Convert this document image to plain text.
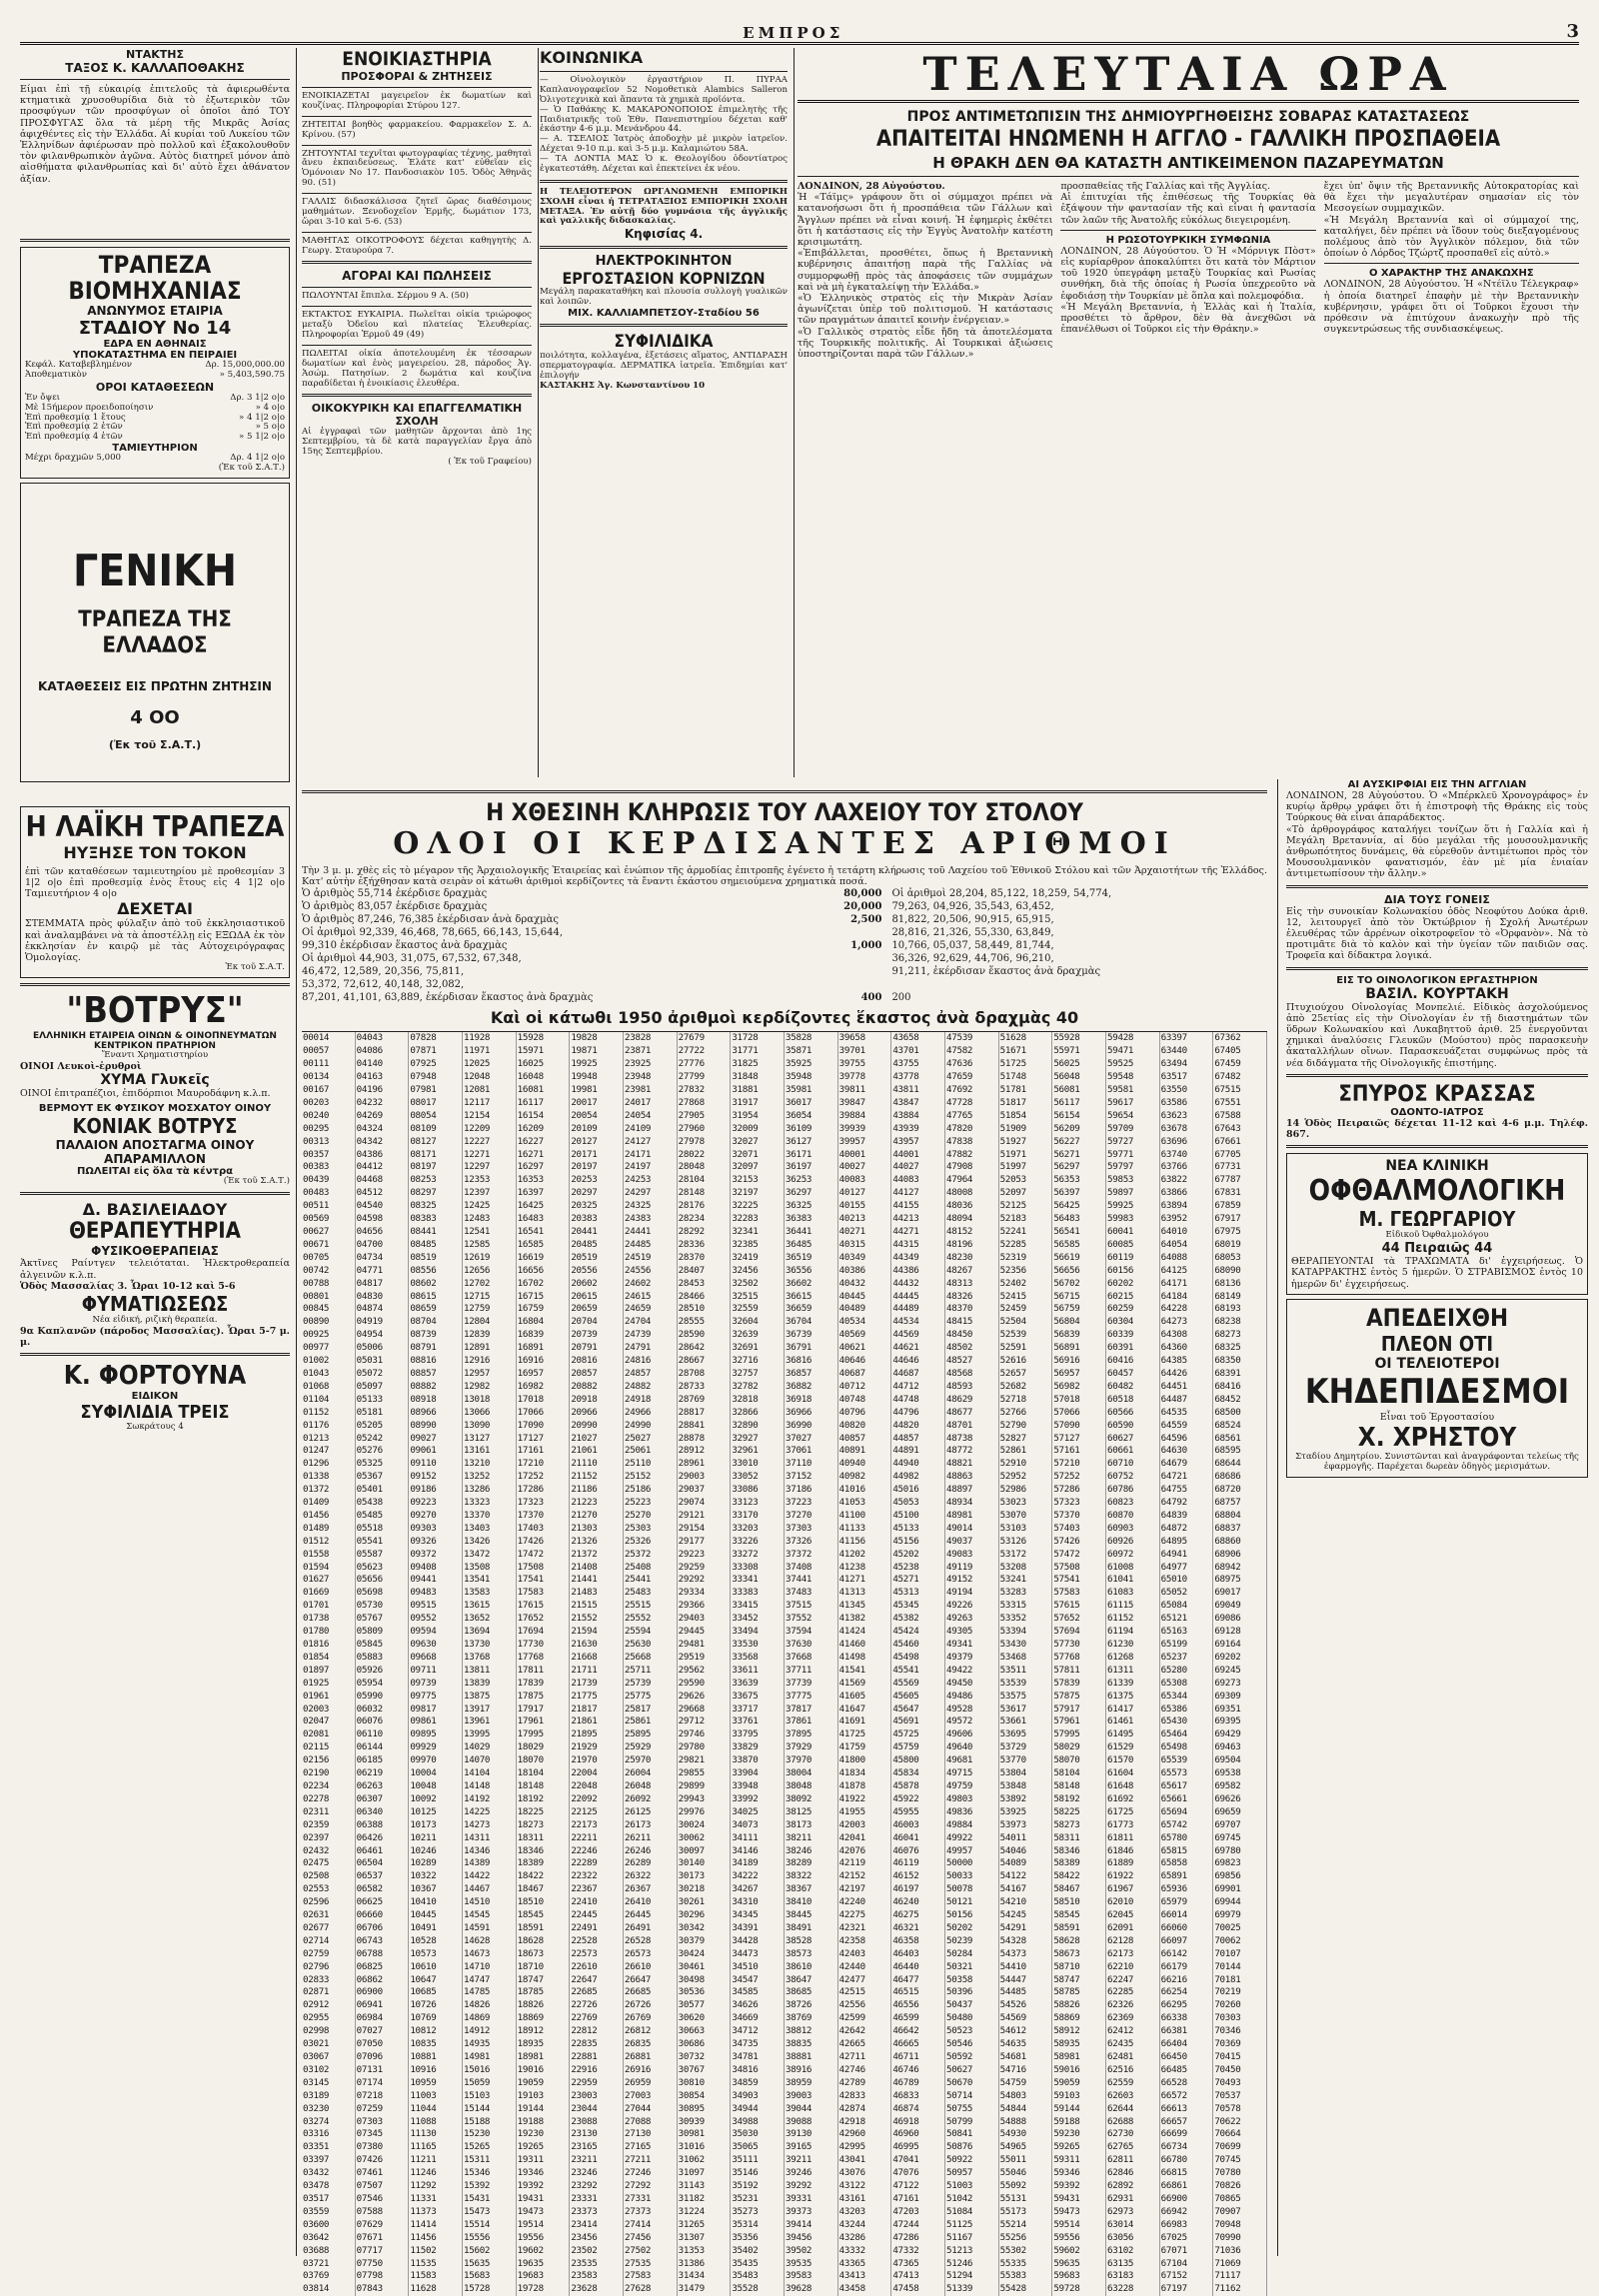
ΕΜΠΡΟΣ	3
ΝΤΑΚΤΗΣ
ΤΑΞΟΣ Κ. ΚΑΛΛΑΠΟΘΑΚΗΣ
Είμαι ἐπὶ τῇ εὐκαιρίᾳ ἐπιτελοῦς τὰ ἀφιερωθέντα κτηματικὰ χρυσοθυρίδια διὰ τὸ ἐξωτερικὸν τῶν προσφύγων τῶν προσφύγων οἱ ὁποῖοι ἀπό ΤΟΥ ΠΡΟΣΦΥΓΑΣ ὅλα τὰ μέρη τῆς Μικρᾶς Ἀσίας ἀφιχθέντες εἰς τὴν Ἑλλάδα. Αἱ κυρίαι τοῦ Λυκείου τῶν Ἑλληνίδων ἀφιέρωσαν πρὸ πολλοῦ καὶ ἐξακολουθοῦν τὸν φιλανθρωπικὸν ἀγῶνα. Αὐτὸς διατηρεῖ μόνον ἀπὸ αἰσθήματα φιλανθρωπίας καὶ δι' αὐτὸ ἔχει ἀθάνατον ἀξίαν.
ΤΡΑΠΕΖΑ ΒΙΟΜΗΧΑΝΙΑΣ
ΑΝΩΝΥΜΟΣ ΕΤΑΙΡΙΑ
ΣΤΑΔΙΟΥ Νο 14
ΕΔΡΑ ΕΝ ΑΘΗΝΑΙΣ
ΥΠΟΚΑΤΑΣΤΗΜΑ ΕΝ ΠΕΙΡΑΙΕΙ
Κεφάλ. Καταβεβλημένον	Δρ. 15,000,000.00
Ἀποθεματικὸν	» 5,403,590.75
ΟΡΟΙ ΚΑΤΑΘΕΣΕΩΝ
Ἐν ὄψει	Δρ. 3 1|2 ο|ο
Μὲ 15ήμερον προειδοποίησιν	» 4 ο|ο
Ἐπὶ προθεσμίᾳ 1 ἔτους	» 4 1|2 ο|ο
Ἐπὶ προθεσμίᾳ 2 ἐτῶν	» 5 ο|ο
Ἐπὶ προθεσμίᾳ 4 ἐτῶν	» 5 1|2 ο|ο
ΤΑΜΙΕΥΤΗΡΙΟΝ
Μέχρι δραχμῶν 5,000	Δρ. 4 1|2 ο|ο
(Ἐκ τοῦ Σ.Α.Τ.)
ΓΕΝΙΚΗ
ΤΡΑΠΕΖΑ ΤΗΣ ΕΛΛΑΔΟΣ
ΚΑΤΑΘΕΣΕΙΣ ΕΙΣ ΠΡΩΤΗΝ ΖΗΤΗΣΙΝ
4 ΟΟ
(Ἐκ τοῦ Σ.Α.Τ.)
Η ΛΑΪΚΗ ΤΡΑΠΕΖΑ
ΗΥΞΗΣΕ ΤΟΝ ΤΟΚΟΝ
ἐπὶ τῶν καταθέσεων ταμιευτηρίου μὲ προθεσμίαν 3 1|2 ο|ο ἐπὶ προθεσμίᾳ ἑνὸς ἔτους εἰς 4 1|2 ο|ο Ταμιευτήριον 4 ο|ο
ΔΕΧΕΤΑΙ
ΣΤΕΜΜΑΤΑ πρὸς φύλαξιν ἀπὸ τοῦ ἐκκλησιαστικοῦ καὶ ἀναλαμβάνει νὰ τὰ ἀποστέλλῃ εἰς ΕΞΩΔΑ ἐκ τὸν ἐκκλησίαν ἐν καιρῷ μὲ τὰς Αὐτοχειρόγραφας Ὁμολογίας.
Ἐκ τοῦ Σ.Α.Τ.
"ΒΟΤΡΥΣ"
ΕΛΛΗΝΙΚΗ ΕΤΑΙΡΕΙΑ ΟΙΝΩΝ & ΟΙΝΟΠΝΕΥΜΑΤΩΝ
ΚΕΝΤΡΙΚΟΝ ΠΡΑΤΗΡΙΟΝ
Ἔναντι Χρηματιστηρίου
ΟΙΝΟΙ Λευκοὶ-ἐρυθροὶ
ΧΥΜΑ Γλυκεῖς
ΟΙΝΟΙ ἐπιτραπέζιοι, ἐπιδόρπιοι Μαυροδάφνη κ.λ.π.
ΒΕΡΜΟΥΤ ΕΚ ΦΥΣΙΚΟΥ ΜΟΣΧΑΤΟΥ ΟΙΝΟΥ
ΚΟΝΙΑΚ ΒΟΤΡΥΣ
ΠΑΛΑΙΟΝ ΑΠΟΣΤΑΓΜΑ ΟΙΝΟΥ
ΑΠΑΡΑΜΙΛΛΟΝ
ΠΩΛΕΙΤΑΙ εἰς ὅλα τὰ κέντρα
(Ἐκ τοῦ Σ.Α.Τ.)
Δ. ΒΑΣΙΛΕΙΑΔΟΥ
ΘΕΡΑΠΕΥΤΗΡΙΑ
ΦΥΣΙΚΟΘΕΡΑΠΕΙΑΣ
Ἀκτῖνες Ραίντγεν τελειόταται. Ἠλεκτροθεραπεία ἀλγεινῶν κ.λ.π.
Ὁδὸς Μασσαλίας 3. Ὧραι 10-12 καὶ 5-6
ΦΥΜΑΤΙΩΣΕΩΣ
Νέα εἰδική, ριζικὴ θεραπεία.
9α Καπλανῶν (πάροδος Μασσαλίας). Ὧραι 5-7 μ. μ.
Κ. ΦΟΡΤΟΥΝΑ
ΕΙΔΙΚΟΝ
ΣΥΦΙΛΙΔΙΑ ΤΡΕΙΣ
Σωκράτους 4
ΕΝΟΙΚΙΑΣΤΗΡΙΑ
ΠΡΟΣΦΟΡΑΙ & ΖΗΤΗΣΕΙΣ
ΕΝΟΙΚΙΑΖΕΤΑΙ μαγειρεῖον ἐκ δωματίων καὶ κουζίνας. Πληροφορίαι Στύρου 127.
ΖΗΤΕΙΤΑΙ βοηθὸς φαρμακείου. Φαρμακεῖον Σ. Δ. Κρίνου. (57)
ΖΗΤΟΥΝΤΑΙ τεχνῖται φωτογραφίας τέχνης, μαθηταὶ ἄνευ ἐκπαιδεύσεως. Ἐλάτε κατ' εὐθεῖαν εἰς Ὁμόνοιαν Νο 17. Πανδοσιακὸν 105. Ὁδὸς Ἀθηνᾶς 90. (51)
ΓΑΛΛΙΣ διδασκάλισσα ζητεῖ ὥρας διαθέσιμους μαθημάτων. Ξενοδοχεῖον Ἑρμῆς, δωμάτιον 173, ὥραι 3-10 καὶ 5-6. (53)
ΜΑΘΗΤΑΣ ΟΙΚΟΤΡΟΦΟΥΣ δέχεται καθηγητὴς Δ. Γεωργ. Σταυρούρα 7.
ΑΓΟΡΑΙ ΚΑΙ ΠΩΛΗΣΕΙΣ
ΠΩΛΟΥΝΤΑΙ ἔπιπλα. Σέρμου 9 Α. (50)
ΕΚΤΑΚΤΟΣ ΕΥΚΑΙΡΙΑ. Πωλεῖται οἰκία τριώροφος μεταξὺ Ὁδεῖου καὶ πλατείας Ἐλευθερίας. Πληροφορίαι Ἐρμοῦ 49 (49)
ΠΩΛΕΙΤΑΙ οἰκία ἀποτελουμένη ἐκ τέσσαρων δωματίων καὶ ἐνὸς μαγειρείου. 28, πάροδος Ἀγ. Ἀσώμ. Πατησίων. 2 δωμάτια καὶ κουζίνα παραδίδεται ἡ ἐνοικίασις ἐλευθέρα.
ΟΙΚΟΚΥΡΙΚΗ ΚΑΙ ΕΠΑΓΓΕΛΜΑΤΙΚΗ ΣΧΟΛΗ
Αἱ ἐγγραφαὶ τῶν μαθητῶν ἄρχονται ἀπὸ 1ης Σεπτεμβρίου, τὰ δὲ κατὰ παραγγελίαν ἔργα ἀπὸ 15ης Σεπτεμβρίου.
( Ἐκ τοῦ Γραφείου)
ΚΟΙΝΩΝΙΚΑ
— Οἰνολογικὸν ἐργαστήριον Π. ΠΥΡΑΑ Καπλανογραφεῖον 52 Νομοθετικὰ Alambics Salleron Ὀλιγοτεχνικὰ καὶ ἅπαντα τὰ χημικὰ προϊόντα.
— Ὁ Παθάκης Κ. ΜΑΚΑΡΟΝΟΠΟΙΟΣ ἐπιμελητὴς τῆς Παιδιατρικῆς τοῦ Ἑθν. Πανεπιστημίου δέχεται καθ' ἑκάστην 4-6 μ.μ. Μενάνδρου 44.
— Α. ΤΣΕΛΙΟΣ Ἰατρὸς ἀποδοχὴν μὲ μικρὸν ἰατρεῖον. Δέχεται 9-10 π.μ. καὶ 3-5 μ.μ. Καλαμιώτου 58Α.
— ΤΑ ΔΟΝΤΙΑ ΜΑΣ Ὁ κ. Θεολογίδου ὁδοντίατρος ἐγκατεστάθη. Δέχεται καὶ ἐπεκτείνει ἐκ νέου.
Η ΤΕΛΕΙΟΤΕΡΟΝ ΩΡΓΑΝΩΜΕΝΗ ΕΜΠΟΡΙΚΗ ΣΧΟΛΗ εἶναι ἡ ΤΕΤΡΑΤΑΞΙΟΣ ΕΜΠΟΡΙΚΗ ΣΧΟΛΗ ΜΕΤΑΞΑ. Ἐν αὐτῇ δύο γυμνάσια τῆς ἀγγλικῆς καὶ γαλλικῆς διδασκαλίας.
Κηφισίας 4.
ΗΛΕΚΤΡΟΚΙΝΗΤΟΝ
ΕΡΓΟΣΤΑΣΙΟΝ ΚΟΡΝΙΖΩΝ
Μεγάλη παρακαταθήκη καὶ πλουσία συλλογὴ γυαλικῶν καὶ λοιπῶν.
ΜΙΧ. ΚΑΛΛΙΑΜΠΕΤΣΟΥ-Σταδίου 56
ΣΥΦΙΛΙΔΙΚΑ
ποιλότητα, κολλαγένα, ἐξετάσεις αἵματος, ΑΝΤΙΔΡΑΣΗ σπερματογραφία. ΔΕΡΜΑΤΙΚΑ ἰατρεῖα. Ἐπιδημίαι κατ' ἐπιλογήν
ΚΑΣΤΑΚΗΣ Ἀγ. Κωνσταντίνου 10
ΤΕΛΕΥΤΑΙΑ ΩΡΑ
ΠΡΟΣ ΑΝΤΙΜΕΤΩΠΙΣΙΝ ΤΗΣ ΔΗΜΙΟΥΡΓΗΘΕΙΣΗΣ ΣΟΒΑΡΑΣ ΚΑΤΑΣΤΑΣΕΩΣ
ΑΠΑΙΤΕΙΤΑΙ ΗΝΩΜΕΝΗ Η ΑΓΓΛΟ - ΓΑΛΛΙΚΗ ΠΡΟΣΠΑΘΕΙΑ
Η ΘΡΑΚΗ ΔΕΝ ΘΑ ΚΑΤΑΣΤΗ ΑΝΤΙΚΕΙΜΕΝΟΝ ΠΑΖΑΡΕΥΜΑΤΩΝ
ΛΟΝΔΙΝΟΝ, 28 Αὐγούστου.
Ἡ «Τάϊμς» γράφουν ὅτι οἱ σύμμαχοι πρέπει νὰ κατανοήσωσι ὅτι ἡ προσπάθεια τῶν Γάλλων καὶ Ἄγγλων πρέπει νὰ εἶναι κοινή. Ἡ ἐφημερὶς ἐκθέτει ὅτι ἡ κατάστασις εἰς τὴν Ἐγγὺς Ἀνατολὴν κατέστη κρισιμωτάτη.
«Ἐπιβάλλεται, προσθέτει, ὅπως ἡ Βρεταννικὴ κυβέρνησις ἀπαιτήσῃ παρὰ τῆς Γαλλίας νὰ συμμορφωθῇ πρὸς τὰς ἀποφάσεις τῶν συμμάχων καὶ νὰ μὴ ἐγκαταλείψῃ τὴν Ἑλλάδα.»
«Ὁ Ἑλληνικὸς στρατὸς εἰς τὴν Μικρὰν Ἀσίαν ἀγωνίζεται ὑπὲρ τοῦ πολιτισμοῦ. Ἡ κατάστασις τῶν πραγμάτων ἀπαιτεῖ κοινὴν ἐνέργειαν.»
«Ὁ Γαλλικὸς στρατὸς εἶδε ἤδη τὰ ἀποτελέσματα τῆς Τουρκικῆς πολιτικῆς. Αἱ Τουρκικαὶ ἀξιώσεις ὑποστηρίζονται παρὰ τῶν Γάλλων.»
προσπαθείας τῆς Γαλλίας καὶ τῆς Ἀγγλίας.
Αἱ ἐπιτυχίαι τῆς ἐπιθέσεως τῆς Τουρκίας θὰ ἐξάψουν τὴν φαντασίαν τῆς καὶ εἶναι ἡ φαντασία τῶν λαῶν τῆς Ἀνατολῆς εὐκόλως διεγειρομένη.
Η ΡΩΣΟΤΟΥΡΚΙΚΗ ΣΥΜΦΩΝΙΑ
ΛΟΝΔΙΝΟΝ, 28 Αὐγούστου. Ὁ Ἡ «Μόρνιγκ Πὸστ» εἰς κυρίαρθρον ἀποκαλύπτει ὅτι κατὰ τὸν Μάρτιον τοῦ 1920 ὑπεγράφη μεταξὺ Τουρκίας καὶ Ρωσίας συνθήκη, διὰ τῆς ὁποίας ἡ Ρωσία ὑπεχρεοῦτο νὰ ἐφοδιάσῃ τὴν Τουρκίαν μὲ ὅπλα καὶ πολεμοφόδια.
«Ἡ Μεγάλη Βρεταννία, ἡ Ἑλλὰς καὶ ἡ Ἰταλία, προσθέτει τὸ ἄρθρον, δὲν θὰ ἀνεχθῶσι νὰ ἐπανέλθωσι οἱ Τοῦρκοι εἰς τὴν Θράκην.»
ἔχει ὑπ' ὄψιν τῆς Βρεταννικῆς Αὐτοκρατορίας καὶ θὰ ἔχει τὴν μεγαλυτέραν σημασίαν εἰς τὸν Μεσογείων συμμαχικῶν.
«Ἡ Μεγάλη Βρεταννία καὶ οἱ σύμμαχοί της, καταλήγει, δὲν πρέπει νὰ ἴδουν τοὺς διεξαγομένους πολέμους ἀπὸ τὸν Ἀγγλικὸν πόλεμον, διὰ τῶν ὁποίων ὁ Λόρδος Τζώρτζ προσπαθεῖ εἰς αὐτὸ.»
Ο ΧΑΡΑΚΤΗΡ ΤΗΣ ΑΝΑΚΩΧΗΣ
ΛΟΝΔΙΝΟΝ, 28 Αὐγούστου. Ἡ «Ντέϊλυ Τέλεγκραφ» ἡ ὁποία διατηρεῖ ἐπαφὴν μὲ τὴν Βρεταννικὴν κυβέρνησιν, γράφει ὅτι οἱ Τοῦρκοι ἔχουσι τὴν πρόθεσιν νὰ ἐπιτύχουν ἀνακωχὴν πρὸ τῆς συγκεντρώσεως τῆς συνδιασκέψεως.
Η ΧΘΕΣΙΝΗ ΚΛΗΡΩΣΙΣ ΤΟΥ ΛΑΧΕΙΟΥ ΤΟΥ ΣΤΟΛΟΥ
ΟΛΟΙ ΟΙ ΚΕΡΔΙΣΑΝΤΕΣ ΑΡΙΘΜΟΙ
Τὴν 3 μ. μ. χθὲς εἰς τὸ μέγαρον τῆς Ἀρχαιολογικῆς Ἑταιρείας καὶ ἐνώπιον τῆς ἁρμοδίας ἐπιτροπῆς ἐγένετο ἡ τετάρτη κλήρωσις τοῦ Λαχείου τοῦ Ἐθνικοῦ Στόλου καὶ τῶν Ἀρχαιοτήτων τῆς Ἑλλάδος. Κατ' αὐτὴν ἐξήχθησαν κατὰ σειρὰν οἱ κάτωθι ἀριθμοὶ κερδίζοντες τὰ ἔναντι ἑκάστου σημειούμενα χρηματικὰ ποσά.
Ὁ ἀριθμὸς 55,714 ἐκέρδισε δραχμὰς	80,000	Οἱ ἀριθμοὶ 28,204, 85,122, 18,259, 54,774,
Ὁ ἀριθμὸς 83,057 ἐκέρδισε δραχμὰς	20,000	79,263, 04,926, 35,543, 63,452,
Ὁ ἀριθμὸς 87,246, 76,385 ἐκέρδισαν ἀνὰ δραχμὰς	2,500	81,822, 20,506, 90,915, 65,915,
Οἱ ἀριθμοὶ 92,339, 46,468, 78,665, 66,143, 15,644,	28,816, 21,326, 55,330, 63,849,
99,310 ἐκέρδισαν ἕκαστος ἀνὰ δραχμὰς	1,000	10,766, 05,037, 58,449, 81,744,
Οἱ ἀριθμοὶ 44,903, 31,075, 67,532, 67,348,	36,326, 92,629, 44,706, 96,210,
46,472, 12,589, 20,356, 75,811,	91,211, ἐκέρδισαν ἕκαστος ἀνὰ δραχμὰς
53,372, 72,612, 40,148, 32,082,
87,201, 41,101, 63,889, ἐκέρδισαν ἕκαστος ἀνὰ δραχμὰς	400	200
Καὶ οἱ κάτωθι 1950 ἀριθμοὶ κερδίζοντες ἕκαστος ἀνὰ δραχμὰς 40
00014	04043	07828	11928	15928	19828	23828	27679	31728	35828	39658	43658	47539	51628	55928	59428	63397	67362
00057	04086	07871	11971	15971	19871	23871	27722	31771	35871	39701	43701	47582	51671	55971	59471	63440	67405
00111	04140	07925	12025	16025	19925	23925	27776	31825	35925	39755	43755	47636	51725	56025	59525	63494	67459
00134	04163	07948	12048	16048	19948	23948	27799	31848	35948	39778	43778	47659	51748	56048	59548	63517	67482
00167	04196	07981	12081	16081	19981	23981	27832	31881	35981	39811	43811	47692	51781	56081	59581	63550	67515
00203	04232	08017	12117	16117	20017	24017	27868	31917	36017	39847	43847	47728	51817	56117	59617	63586	67551
00240	04269	08054	12154	16154	20054	24054	27905	31954	36054	39884	43884	47765	51854	56154	59654	63623	67588
00295	04324	08109	12209	16209	20109	24109	27960	32009	36109	39939	43939	47820	51909	56209	59709	63678	67643
00313	04342	08127	12227	16227	20127	24127	27978	32027	36127	39957	43957	47838	51927	56227	59727	63696	67661
00357	04386	08171	12271	16271	20171	24171	28022	32071	36171	40001	44001	47882	51971	56271	59771	63740	67705
00383	04412	08197	12297	16297	20197	24197	28048	32097	36197	40027	44027	47908	51997	56297	59797	63766	67731
00439	04468	08253	12353	16353	20253	24253	28104	32153	36253	40083	44083	47964	52053	56353	59853	63822	67787
00483	04512	08297	12397	16397	20297	24297	28148	32197	36297	40127	44127	48008	52097	56397	59897	63866	67831
00511	04540	08325	12425	16425	20325	24325	28176	32225	36325	40155	44155	48036	52125	56425	59925	63894	67859
00569	04598	08383	12483	16483	20383	24383	28234	32283	36383	40213	44213	48094	52183	56483	59983	63952	67917
00627	04656	08441	12541	16541	20441	24441	28292	32341	36441	40271	44271	48152	52241	56541	60041	64010	67975
00671	04700	08485	12585	16585	20485	24485	28336	32385	36485	40315	44315	48196	52285	56585	60085	64054	68019
00705	04734	08519	12619	16619	20519	24519	28370	32419	36519	40349	44349	48230	52319	56619	60119	64088	68053
00742	04771	08556	12656	16656	20556	24556	28407	32456	36556	40386	44386	48267	52356	56656	60156	64125	68090
00788	04817	08602	12702	16702	20602	24602	28453	32502	36602	40432	44432	48313	52402	56702	60202	64171	68136
00801	04830	08615	12715	16715	20615	24615	28466	32515	36615	40445	44445	48326	52415	56715	60215	64184	68149
00845	04874	08659	12759	16759	20659	24659	28510	32559	36659	40489	44489	48370	52459	56759	60259	64228	68193
00890	04919	08704	12804	16804	20704	24704	28555	32604	36704	40534	44534	48415	52504	56804	60304	64273	68238
00925	04954	08739	12839	16839	20739	24739	28590	32639	36739	40569	44569	48450	52539	56839	60339	64308	68273
00977	05006	08791	12891	16891	20791	24791	28642	32691	36791	40621	44621	48502	52591	56891	60391	64360	68325
01002	05031	08816	12916	16916	20816	24816	28667	32716	36816	40646	44646	48527	52616	56916	60416	64385	68350
01043	05072	08857	12957	16957	20857	24857	28708	32757	36857	40687	44687	48568	52657	56957	60457	64426	68391
01068	05097	08882	12982	16982	20882	24882	28733	32782	36882	40712	44712	48593	52682	56982	60482	64451	68416
01104	05133	08918	13018	17018	20918	24918	28769	32818	36918	40748	44748	48629	52718	57018	60518	64487	68452
01152	05181	08966	13066	17066	20966	24966	28817	32866	36966	40796	44796	48677	52766	57066	60566	64535	68500
01176	05205	08990	13090	17090	20990	24990	28841	32890	36990	40820	44820	48701	52790	57090	60590	64559	68524
01213	05242	09027	13127	17127	21027	25027	28878	32927	37027	40857	44857	48738	52827	57127	60627	64596	68561
01247	05276	09061	13161	17161	21061	25061	28912	32961	37061	40891	44891	48772	52861	57161	60661	64630	68595
01296	05325	09110	13210	17210	21110	25110	28961	33010	37110	40940	44940	48821	52910	57210	60710	64679	68644
01338	05367	09152	13252	17252	21152	25152	29003	33052	37152	40982	44982	48863	52952	57252	60752	64721	68686
01372	05401	09186	13286	17286	21186	25186	29037	33086	37186	41016	45016	48897	52986	57286	60786	64755	68720
01409	05438	09223	13323	17323	21223	25223	29074	33123	37223	41053	45053	48934	53023	57323	60823	64792	68757
01456	05485	09270	13370	17370	21270	25270	29121	33170	37270	41100	45100	48981	53070	57370	60870	64839	68804
01489	05518	09303	13403	17403	21303	25303	29154	33203	37303	41133	45133	49014	53103	57403	60903	64872	68837
01512	05541	09326	13426	17426	21326	25326	29177	33226	37326	41156	45156	49037	53126	57426	60926	64895	68860
01558	05587	09372	13472	17472	21372	25372	29223	33272	37372	41202	45202	49083	53172	57472	60972	64941	68906
01594	05623	09408	13508	17508	21408	25408	29259	33308	37408	41238	45238	49119	53208	57508	61008	64977	68942
01627	05656	09441	13541	17541	21441	25441	29292	33341	37441	41271	45271	49152	53241	57541	61041	65010	68975
01669	05698	09483	13583	17583	21483	25483	29334	33383	37483	41313	45313	49194	53283	57583	61083	65052	69017
01701	05730	09515	13615	17615	21515	25515	29366	33415	37515	41345	45345	49226	53315	57615	61115	65084	69049
01738	05767	09552	13652	17652	21552	25552	29403	33452	37552	41382	45382	49263	53352	57652	61152	65121	69086
01780	05809	09594	13694	17694	21594	25594	29445	33494	37594	41424	45424	49305	53394	57694	61194	65163	69128
01816	05845	09630	13730	17730	21630	25630	29481	33530	37630	41460	45460	49341	53430	57730	61230	65199	69164
01854	05883	09668	13768	17768	21668	25668	29519	33568	37668	41498	45498	49379	53468	57768	61268	65237	69202
01897	05926	09711	13811	17811	21711	25711	29562	33611	37711	41541	45541	49422	53511	57811	61311	65280	69245
01925	05954	09739	13839	17839	21739	25739	29590	33639	37739	41569	45569	49450	53539	57839	61339	65308	69273
01961	05990	09775	13875	17875	21775	25775	29626	33675	37775	41605	45605	49486	53575	57875	61375	65344	69309
02003	06032	09817	13917	17917	21817	25817	29668	33717	37817	41647	45647	49528	53617	57917	61417	65386	69351
02047	06076	09861	13961	17961	21861	25861	29712	33761	37861	41691	45691	49572	53661	57961	61461	65430	69395
02081	06110	09895	13995	17995	21895	25895	29746	33795	37895	41725	45725	49606	53695	57995	61495	65464	69429
02115	06144	09929	14029	18029	21929	25929	29780	33829	37929	41759	45759	49640	53729	58029	61529	65498	69463
02156	06185	09970	14070	18070	21970	25970	29821	33870	37970	41800	45800	49681	53770	58070	61570	65539	69504
02190	06219	10004	14104	18104	22004	26004	29855	33904	38004	41834	45834	49715	53804	58104	61604	65573	69538
02234	06263	10048	14148	18148	22048	26048	29899	33948	38048	41878	45878	49759	53848	58148	61648	65617	69582
02278	06307	10092	14192	18192	22092	26092	29943	33992	38092	41922	45922	49803	53892	58192	61692	65661	69626
02311	06340	10125	14225	18225	22125	26125	29976	34025	38125	41955	45955	49836	53925	58225	61725	65694	69659
02359	06388	10173	14273	18273	22173	26173	30024	34073	38173	42003	46003	49884	53973	58273	61773	65742	69707
02397	06426	10211	14311	18311	22211	26211	30062	34111	38211	42041	46041	49922	54011	58311	61811	65780	69745
02432	06461	10246	14346	18346	22246	26246	30097	34146	38246	42076	46076	49957	54046	58346	61846	65815	69780
02475	06504	10289	14389	18389	22289	26289	30140	34189	38289	42119	46119	50000	54089	58389	61889	65858	69823
02508	06537	10322	14422	18422	22322	26322	30173	34222	38322	42152	46152	50033	54122	58422	61922	65891	69856
02553	06582	10367	14467	18467	22367	26367	30218	34267	38367	42197	46197	50078	54167	58467	61967	65936	69901
02596	06625	10410	14510	18510	22410	26410	30261	34310	38410	42240	46240	50121	54210	58510	62010	65979	69944
02631	06660	10445	14545	18545	22445	26445	30296	34345	38445	42275	46275	50156	54245	58545	62045	66014	69979
02677	06706	10491	14591	18591	22491	26491	30342	34391	38491	42321	46321	50202	54291	58591	62091	66060	70025
02714	06743	10528	14628	18628	22528	26528	30379	34428	38528	42358	46358	50239	54328	58628	62128	66097	70062
02759	06788	10573	14673	18673	22573	26573	30424	34473	38573	42403	46403	50284	54373	58673	62173	66142	70107
02796	06825	10610	14710	18710	22610	26610	30461	34510	38610	42440	46440	50321	54410	58710	62210	66179	70144
02833	06862	10647	14747	18747	22647	26647	30498	34547	38647	42477	46477	50358	54447	58747	62247	66216	70181
02871	06900	10685	14785	18785	22685	26685	30536	34585	38685	42515	46515	50396	54485	58785	62285	66254	70219
02912	06941	10726	14826	18826	22726	26726	30577	34626	38726	42556	46556	50437	54526	58826	62326	66295	70260
02955	06984	10769	14869	18869	22769	26769	30620	34669	38769	42599	46599	50480	54569	58869	62369	66338	70303
02998	07027	10812	14912	18912	22812	26812	30663	34712	38812	42642	46642	50523	54612	58912	62412	66381	70346
03021	07050	10835	14935	18935	22835	26835	30686	34735	38835	42665	46665	50546	54635	58935	62435	66404	70369
03067	07096	10881	14981	18981	22881	26881	30732	34781	38881	42711	46711	50592	54681	58981	62481	66450	70415
03102	07131	10916	15016	19016	22916	26916	30767	34816	38916	42746	46746	50627	54716	59016	62516	66485	70450
03145	07174	10959	15059	19059	22959	26959	30810	34859	38959	42789	46789	50670	54759	59059	62559	66528	70493
03189	07218	11003	15103	19103	23003	27003	30854	34903	39003	42833	46833	50714	54803	59103	62603	66572	70537
03230	07259	11044	15144	19144	23044	27044	30895	34944	39044	42874	46874	50755	54844	59144	62644	66613	70578
03274	07303	11088	15188	19188	23088	27088	30939	34988	39088	42918	46918	50799	54888	59188	62688	66657	70622
03316	07345	11130	15230	19230	23130	27130	30981	35030	39130	42960	46960	50841	54930	59230	62730	66699	70664
03351	07380	11165	15265	19265	23165	27165	31016	35065	39165	42995	46995	50876	54965	59265	62765	66734	70699
03397	07426	11211	15311	19311	23211	27211	31062	35111	39211	43041	47041	50922	55011	59311	62811	66780	70745
03432	07461	11246	15346	19346	23246	27246	31097	35146	39246	43076	47076	50957	55046	59346	62846	66815	70780
03478	07507	11292	15392	19392	23292	27292	31143	35192	39292	43122	47122	51003	55092	59392	62892	66861	70826
03517	07546	11331	15431	19431	23331	27331	31182	35231	39331	43161	47161	51042	55131	59431	62931	66900	70865
03559	07588	11373	15473	19473	23373	27373	31224	35273	39373	43203	47203	51084	55173	59473	62973	66942	70907
03600	07629	11414	15514	19514	23414	27414	31265	35314	39414	43244	47244	51125	55214	59514	63014	66983	70948
03642	07671	11456	15556	19556	23456	27456	31307	35356	39456	43286	47286	51167	55256	59556	63056	67025	70990
03688	07717	11502	15602	19602	23502	27502	31353	35402	39502	43332	47332	51213	55302	59602	63102	67071	71036
03721	07750	11535	15635	19635	23535	27535	31386	35435	39535	43365	47365	51246	55335	59635	63135	67104	71069
03769	07798	11583	15683	19683	23583	27583	31434	35483	39583	43413	47413	51294	55383	59683	63183	67152	71117
03814	07843	11628	15728	19728	23628	27628	31479	35528	39628	43458	47458	51339	55428	59728	63228	67197	71162
ΑΙ ΑΥΣΚΙΡΦΙΑΙ ΕΙΣ ΤΗΝ ΑΓΓΛΙΑΝ
ΛΟΝΔΙΝΟΝ, 28 Αὐγούστου. Ὁ «Μπέρκλεϋ Χρονογράφος» ἐν κυρίῳ ἄρθρῳ γράφει ὅτι ἡ ἐπιστροφὴ τῆς Θράκης εἰς τοὺς Τούρκους θὰ εἶναι ἀπαράδεκτος.
«Τὸ ἀρθρογράφος καταλήγει τονίζων ὅτι ἡ Γαλλία καὶ ἡ Μεγάλη Βρεταννία, αἱ δύο μεγάλαι τῆς μουσουλμανικῆς ἀνθρωπότητος δυνάμεις, θὰ εὑρεθοῦν ἀντιμέτωποι πρὸς τὸν Μουσουλμανικὸν φανατισμόν, ἐὰν μὲ μία ἐνιαίαν ἀντιμετωπίσουν τὴν ἄλλην.»
ΔΙΑ ΤΟΥΣ ΓΟΝΕΙΣ
Εἰς τὴν συνοικίαν Κολωνακίου ὁδὸς Νεοφύτου Δούκα ἀριθ. 12, λειτουργεῖ ἀπὸ τὸν Ὀκτώβριον ἡ Σχολή Ἀνωτέρων ἐλευθέρας τῶν ἀρρένων οἰκοτροφεῖον τὸ «Ὀρφανὸν». Νὰ τὸ προτιμᾶτε διὰ τὸ καλὸν καὶ τὴν ὑγείαν τῶν παιδιῶν σας. Τροφεῖα καὶ δίδακτρα λογικά.
ΕΙΣ ΤΟ ΟΙΝΟΛΟΓΙΚΟΝ ΕΡΓΑΣΤΗΡΙΟΝ
ΒΑΣΙΛ. ΚΟΥΡΤΑΚΗ
Πτυχιούχου Οἰνολογίας Μονπελιέ. Εἰδικὸς ἀσχολούμενος ἀπὸ 25ετίας εἰς τὴν Οἰνολογίαν ἐν τῇ διαστημάτων τῶν ὕδρων Κολωνακίου καὶ Λυκαβηττοῦ ἀριθ. 25 ἐνεργοῦνται χημικαὶ ἀναλύσεις Γλευκῶν (Μούστου) πρὸς παρασκευὴν ἀκαταλλήλων οἴνων. Παρασκευάζεται συμφώνως πρὸς τὰ νέα διδάγματα τῆς Οἰνολογικῆς ἐπιστήμης.
ΣΠΥΡΟΣ ΚΡΑΣΣΑΣ
ΟΔΟΝΤΟ-ΙΑΤΡΟΣ
14 Ὁδὸς Πειραιῶς δέχεται 11-12 καὶ 4-6 μ.μ. Τηλέφ. 867.
ΝΕΑ ΚΛΙΝΙΚΗ
ΟΦΘΑΛΜΟΛΟΓΙΚΗ
Μ. ΓΕΩΡΓΑΡΙΟΥ
Εἰδικοῦ Ὀφθαλμολόγου
44 Πειραιῶς 44
ΘΕΡΑΠΕΥΟΝΤΑΙ τὰ ΤΡΑΧΩΜΑΤΑ δι' ἐγχειρήσεως. Ὁ ΚΑΤΑΡΡΑΚΤΗΣ ἐντὸς 5 ἡμερῶν. Ὁ ΣΤΡΑΒΙΣΜΟΣ ἐντὸς 10 ἡμερῶν δι' ἐγχειρήσεως.
ΑΠΕΔΕΙΧΘΗ
ΠΛΕΟΝ ΟΤΙ
ΟΙ ΤΕΛΕΙΟΤΕΡΟΙ
ΚΗΔΕΠΙΔΕΣΜΟΙ
Εἶναι τοῦ Ἐργοστασίου
Χ. ΧΡΗΣΤΟΥ
Σταδίου Δημητρίου. Συνιστῶνται καὶ ἀναγράφονται τελείως τῆς ἐφαρμογῆς. Παρέχεται δωρεὰν ὁδηγὸς μερισμάτων.
